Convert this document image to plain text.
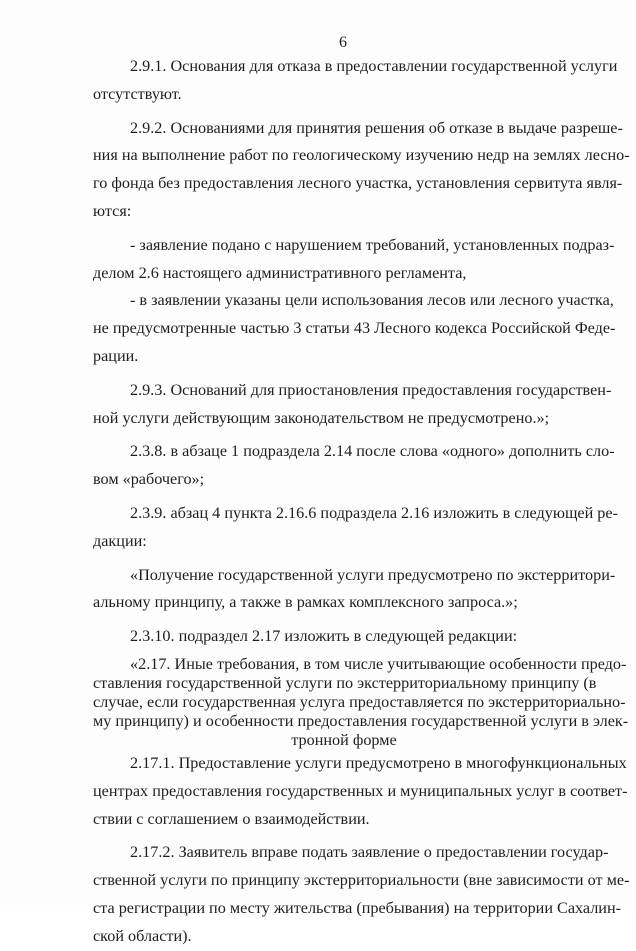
6

2.9.1. Основания для отказа в предоставлении государственной услуги
отсутствуют.

2.9.2. Основаниями для принятия решения об отказе в выдаче разреше-
ния на выполнение работ по геологическому изучению недр на землях лесно-
го фонда без предоставления лесного участка, установления сервитута явля-
ются:

- заявление подано с нарушением требований, установленных подраз-
делом 2.6 настоящего административного регламента,

- в заявлении указаны цели использования лесов или лесного участка,
не предусмотренные частью 3 статьи 43 Лесного кодекса Российской Феде-
рации.

2.9.3. Оснований для приостановления предоставления государствен-
ной услуги действующим законодательством не предусмотрено.»;

2.3.8. в абзаце 1 подраздела 2.14 после слова «одного» дополнить сло-
вом «рабочего»;

2.3.9. абзац 4 пункта 2.16.6 подраздела 2.16 изложить в следующей ре-
дакции:

«Получение государственной услуги предусмотрено по экстерритори-
альному принципу, а также в рамках комплексного запроса.»;

2.3.10. подраздел 2.17 изложить в следующей редакции:

«2.17. Иные требования, в том числе учитывающие особенности предо-
ставления государственной услуги по экстерриториальному принципу (в
случае, если государственная услуга предоставляется по экстерриториально-
му принципу) и особенности предоставления государственной услуги в элек-
тронной форме

2.17.1. Предоставление услуги предусмотрено в многофункциональных
центрах предоставления государственных и муниципальных услуг в соответ-
ствии с соглашением о взаимодействии.

2.17.2. Заявитель вправе подать заявление о предоставлении государ-
ственной услуги по принципу экстерриториальности (вне зависимости от ме-
ста регистрации по месту жительства (пребывания) на территории Сахалин-
ской области).
